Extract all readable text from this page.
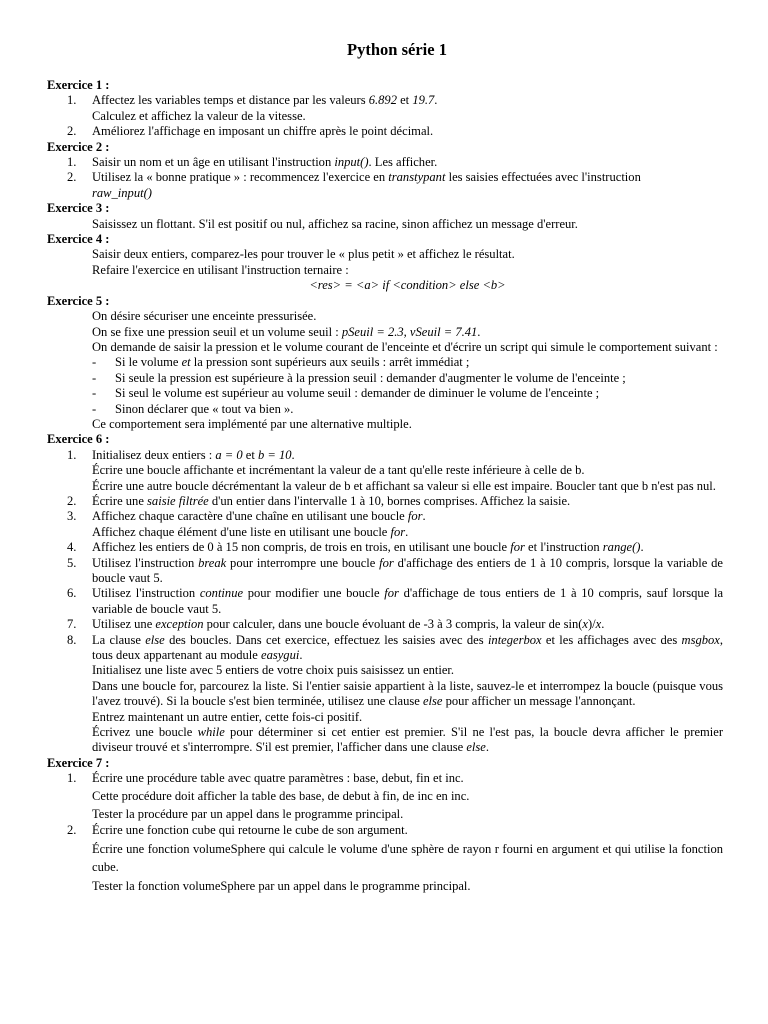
Python série 1

Exercice 1 :

1. Affectez les variables temps et distance par les valeurs 6.892 et 19.7.
Calculez et affichez la valeur de la vitesse.
2. Améliorez l'affichage en imposant un chiffre après le point décimal.

Exercice 2 :

1. Saisir un nom et un âge en utilisant l'instruction input(). Les afficher.
2. Utilisez la « bonne pratique » : recommencez l'exercice en transtypant les saisies effectuées avec l'instruction
raw_input()

Exercice 3 :

Saisissez un flottant. S'il est positif ou nul, affichez sa racine, sinon affichez un message d'erreur.

Exercice 4 :

Saisir deux entiers, comparez-les pour trouver le « plus petit » et affichez le résultat.

Refaire l'exercice en utilisant l'instruction ternaire :

<res> = <a> if <condition> else <b>

Exercice 5 :

On désire sécuriser une enceinte pressurisée.

On se fixe une pression seuil et un volume seuil : pSeuil = 2.3, vSeuil = 7.41.

On demande de saisir la pression et le volume courant de l'enceinte et d'écrire un script qui simule le comportement suivant :

- Si le volume et la pression sont supérieurs aux seuils : arrêt immédiat ;
- Si seule la pression est supérieure à la pression seuil : demander d'augmenter le volume de l'enceinte ;
- Si seul le volume est supérieur au volume seuil : demander de diminuer le volume de l'enceinte ;
- Sinon déclarer que « tout va bien ».

Ce comportement sera implémenté par une alternative multiple.

Exercice 6 :

1. Initialisez deux entiers : a = 0 et b = 10.
Écrire une boucle affichante et incrémentant la valeur de a tant qu'elle reste inférieure à celle de b.
Écrire une autre boucle décrémentant la valeur de b et affichant sa valeur si elle est impaire. Boucler tant que b n'est pas nul.
2. Écrire une saisie filtrée d'un entier dans l'intervalle 1 à 10, bornes comprises. Affichez la saisie.
3. Affichez chaque caractère d'une chaîne en utilisant une boucle for.
Affichez chaque élément d'une liste en utilisant une boucle for.
4. Affichez les entiers de 0 à 15 non compris, de trois en trois, en utilisant une boucle for et l'instruction range().
5. Utilisez l'instruction break pour interrompre une boucle for d'affichage des entiers de 1 à 10 compris, lorsque la variable de boucle vaut 5.
6. Utilisez l'instruction continue pour modifier une boucle for d'affichage de tous entiers de 1 à 10 compris, sauf lorsque la variable de boucle vaut 5.
7. Utilisez une exception pour calculer, dans une boucle évoluant de -3 à 3 compris, la valeur de sin(x)/x.
8. La clause else des boucles. Dans cet exercice, effectuez les saisies avec des integerbox et les affichages avec des msgbox, tous deux appartenant au module easygui.
Initialisez une liste avec 5 entiers de votre choix puis saisissez un entier.
Dans une boucle for, parcourez la liste. Si l'entier saisie appartient à la liste, sauvez-le et interrompez la boucle (puisque vous l'avez trouvé). Si la boucle s'est bien terminée, utilisez une clause else pour afficher un message l'annonçant.
Entrez maintenant un autre entier, cette fois-ci positif.
Écrivez une boucle while pour déterminer si cet entier est premier. S'il ne l'est pas, la boucle devra afficher le premier diviseur trouvé et s'interrompre. S'il est premier, l'afficher dans une clause else.

Exercice 7 :

1. Écrire une procédure table avec quatre paramètres : base, debut, fin et inc.
Cette procédure doit afficher la table des base, de debut à fin, de inc en inc.
Tester la procédure par un appel dans le programme principal.
2. Écrire une fonction cube qui retourne le cube de son argument.
Écrire une fonction volumeSphere qui calcule le volume d'une sphère de rayon r fourni en argument et qui utilise la fonction cube.
Tester la fonction volumeSphere par un appel dans le programme principal.
